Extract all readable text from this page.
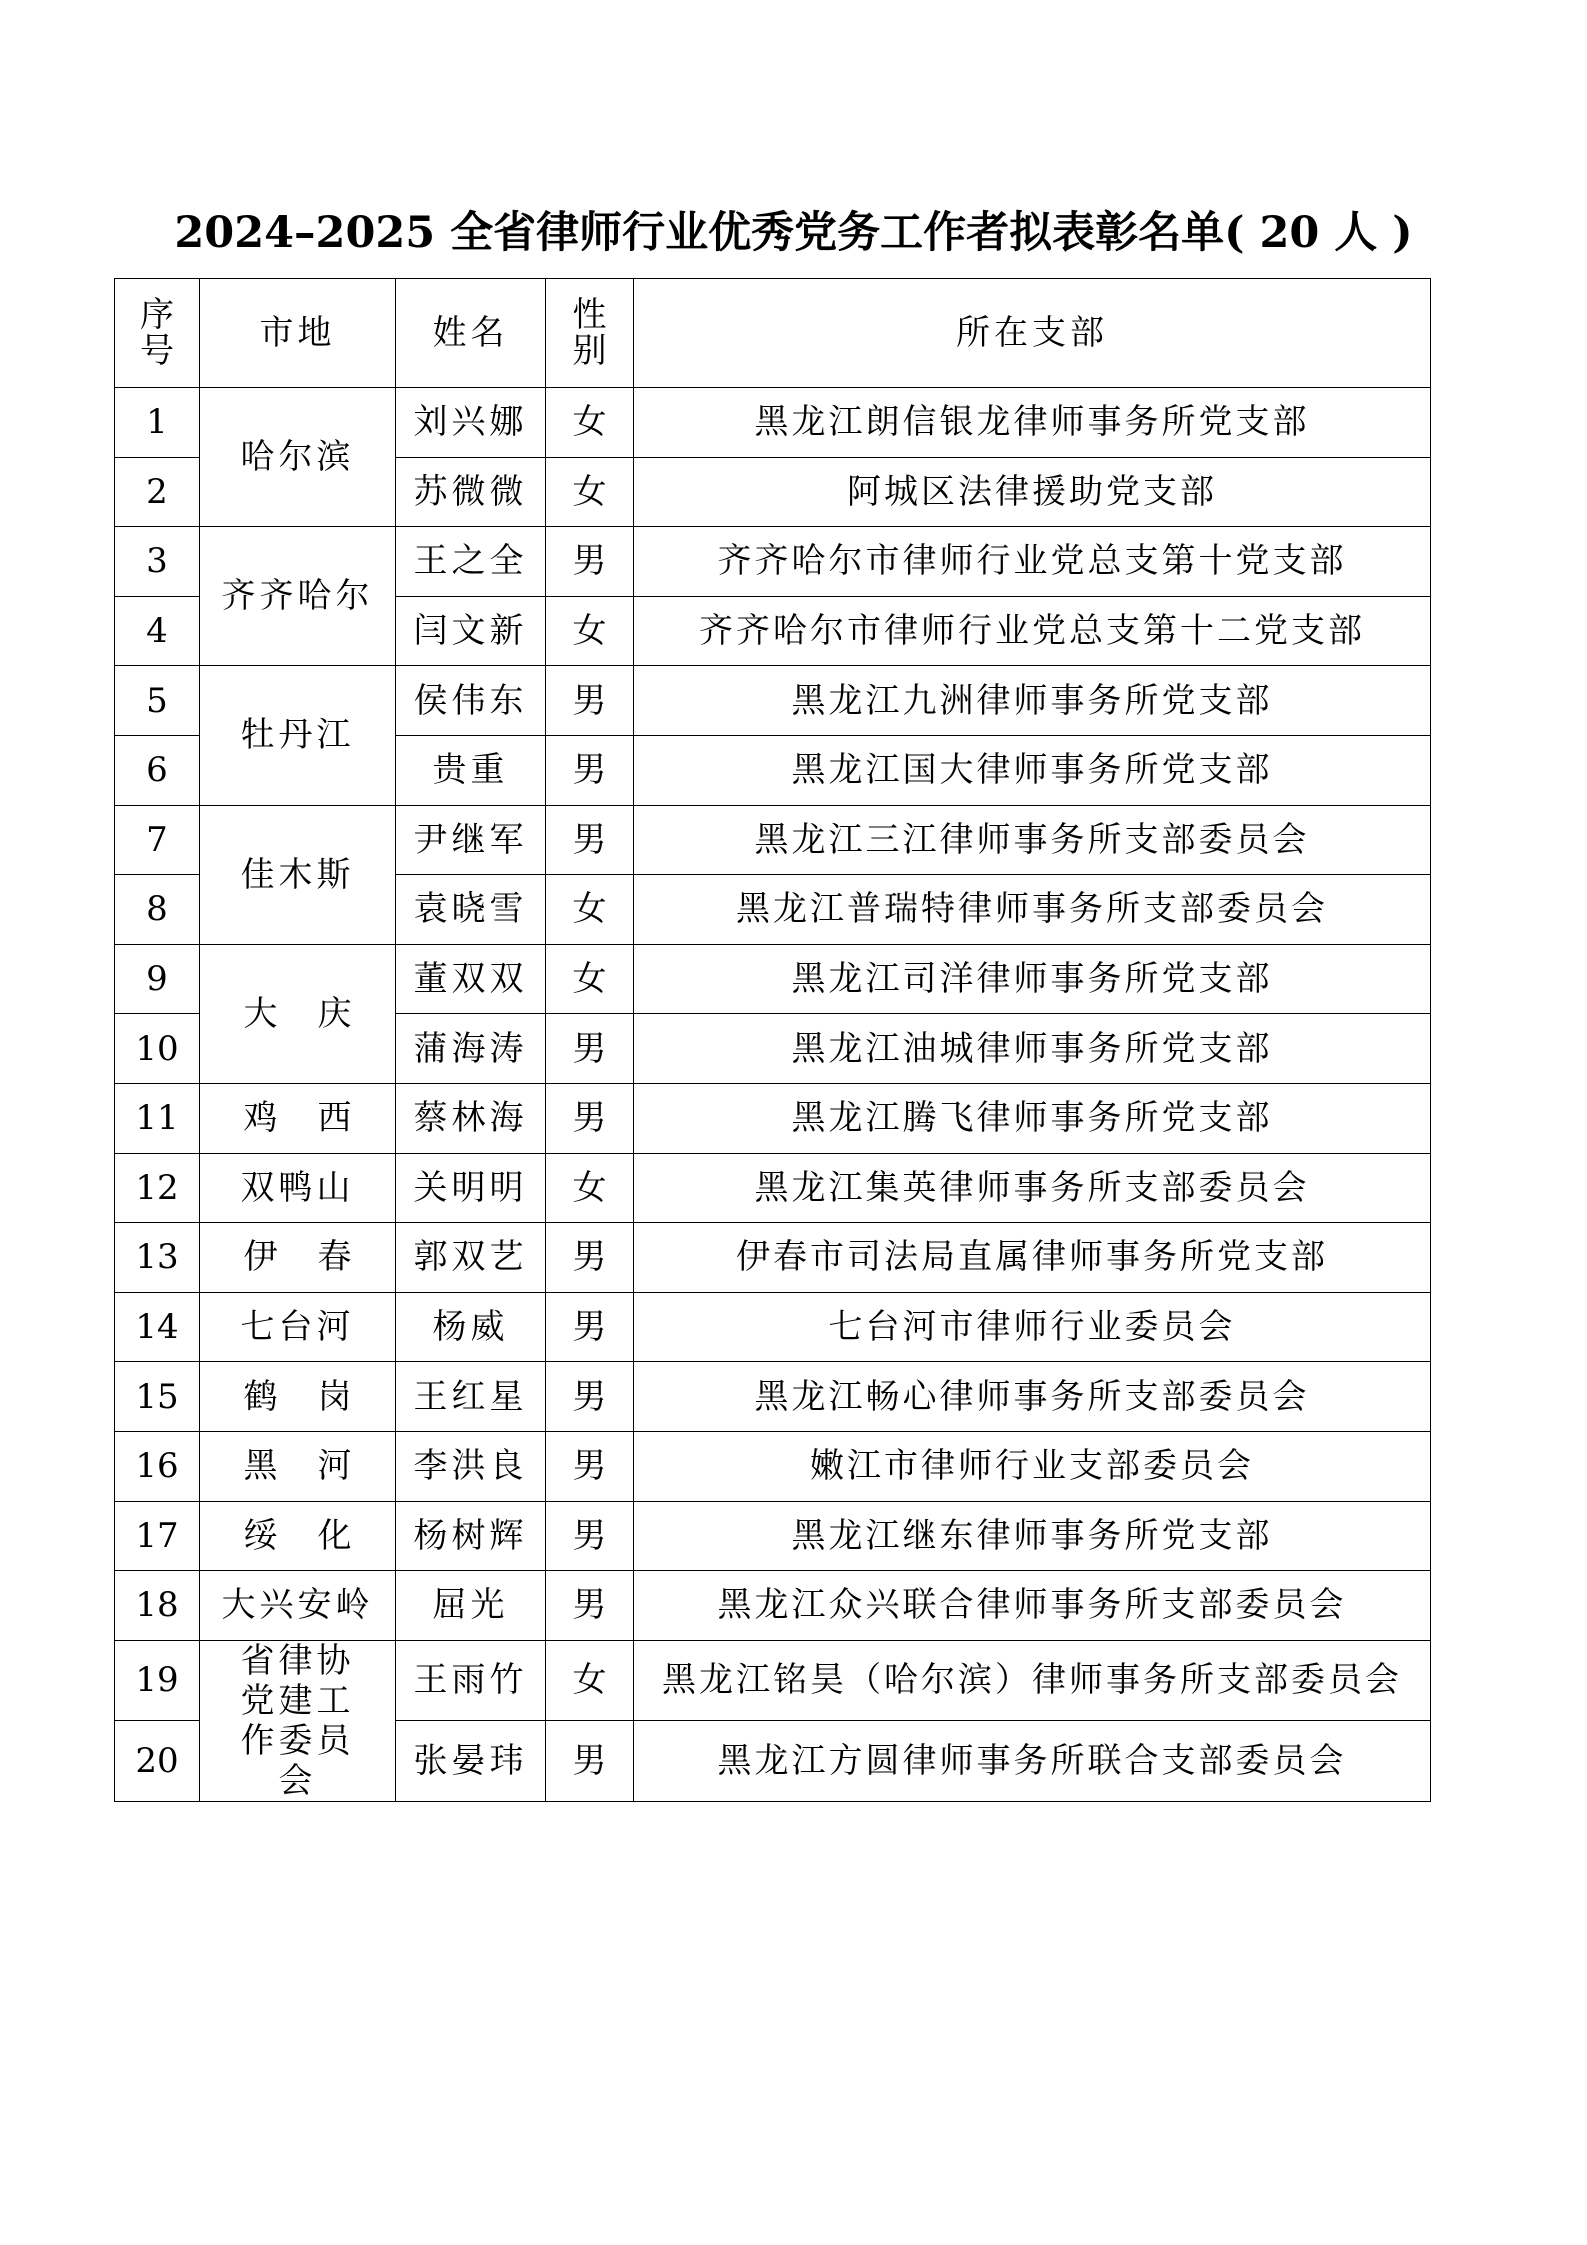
2024–2025 全省律师行业优秀党务工作者拟表彰名单( 20 人 )
序号	市地	姓名	性别	所在支部
1	哈尔滨	刘兴娜	女	黑龙江朗信银龙律师事务所党支部
2		苏微微	女	阿城区法律援助党支部
3	齐齐哈尔	王之全	男	齐齐哈尔市律师行业党总支第十党支部
4		闫文新	女	齐齐哈尔市律师行业党总支第十二党支部
5	牡丹江	侯伟东	男	黑龙江九洲律师事务所党支部
6		贵重	男	黑龙江国大律师事务所党支部
7	佳木斯	尹继军	男	黑龙江三江律师事务所支部委员会
8		袁晓雪	女	黑龙江普瑞特律师事务所支部委员会
9	大庆	董双双	女	黑龙江司洋律师事务所党支部
10		蒲海涛	男	黑龙江油城律师事务所党支部
11	鸡西	蔡林海	男	黑龙江腾飞律师事务所党支部
12	双鸭山	关明明	女	黑龙江集英律师事务所支部委员会
13	伊春	郭双艺	男	伊春市司法局直属律师事务所党支部
14	七台河	杨威	男	七台河市律师行业委员会
15	鹤岗	王红星	男	黑龙江畅心律师事务所支部委员会
16	黑河	李洪良	男	嫩江市律师行业支部委员会
17	绥化	杨树辉	男	黑龙江继东律师事务所党支部
18	大兴安岭	屈光	男	黑龙江众兴联合律师事务所支部委员会
19	省律协党建工作委员会	王雨竹	女	黑龙江铭昊（哈尔滨）律师事务所支部委员会
20		张晏玮	男	黑龙江方圆律师事务所联合支部委员会
